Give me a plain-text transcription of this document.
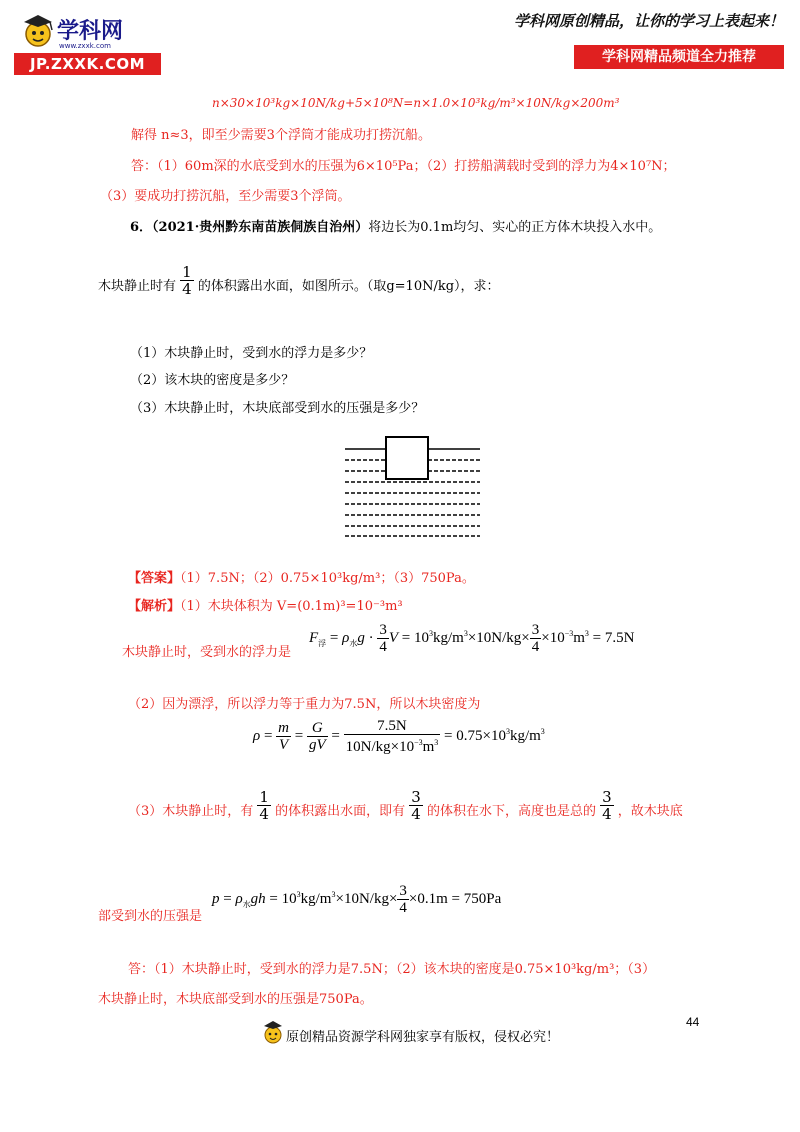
学科网
www.zxxk.com
JP.ZXXK.COM
学科网原创精品，让你的学习上表起来！
学科网精品频道全力推荐
n×30×10³kg×10N/kg+5×10⁸N=n×1.0×10³kg/m³×10N/kg×200m³
解得 n≈3，即至少需要3个浮筒才能成功打捞沉船。
答：（1）60m深的水底受到水的压强为6×10⁵Pa；（2）打捞船满载时受到的浮力为4×10⁷N；
（3）要成功打捞沉船，至少需要3个浮筒。
6．（2021·贵州黔东南苗族侗族自治州）将边长为0.1m均匀、实心的正方体木块投入水中。
木块静止时有 $\frac{1}{4}$ 的体积露出水面，如图所示。（取g=10N/kg），求：
（1）木块静止时，受到水的浮力是多少？
（2）该木块的密度是多少？
（3）木块静止时，木块底部受到水的压强是多少？
【答案】（1）7.5N；（2）0.75×10³kg/m³；（3）750Pa。
【解析】（1）木块体积为 V=(0.1m)³=10⁻³m³
木块静止时，受到水的浮力是
$F_浮 = \rho_水g \cdot \frac{3}{4}$ $V = 10^3kg/m^3\times 10N/kg\times \frac{3}{4} \times 10^{-3}m^3 = 7.5N$
（2）因为漂浮，所以浮力等于重力为7.5N，所以木块密度为
$\rho = \frac{m}{V} = \frac{G}{gV} = \frac{7.5N}{10N/kg\times 10^{-3}m^3} = 0.75\times 10^3kg/m^3$
（3）木块静止时，有 $\frac{1}{4}$ 的体积露出水面，即有 $\frac{3}{4}$ 的体积在水下，高度也是总的 $\frac{3}{4}$ ，故木块底
部受到水的压强是
$p = \rho_水gh = 10^3kg/m^3\times 10N/kg\times \frac{3}{4} \times 0.1m = 750Pa$
答：（1）木块静止时，受到水的浮力是7.5N；（2）该木块的密度是0.75×10³kg/m³；（3）
木块静止时，木块底部受到水的压强是750Pa。
44
原创精品资源学科网独家享有版权，侵权必究！
